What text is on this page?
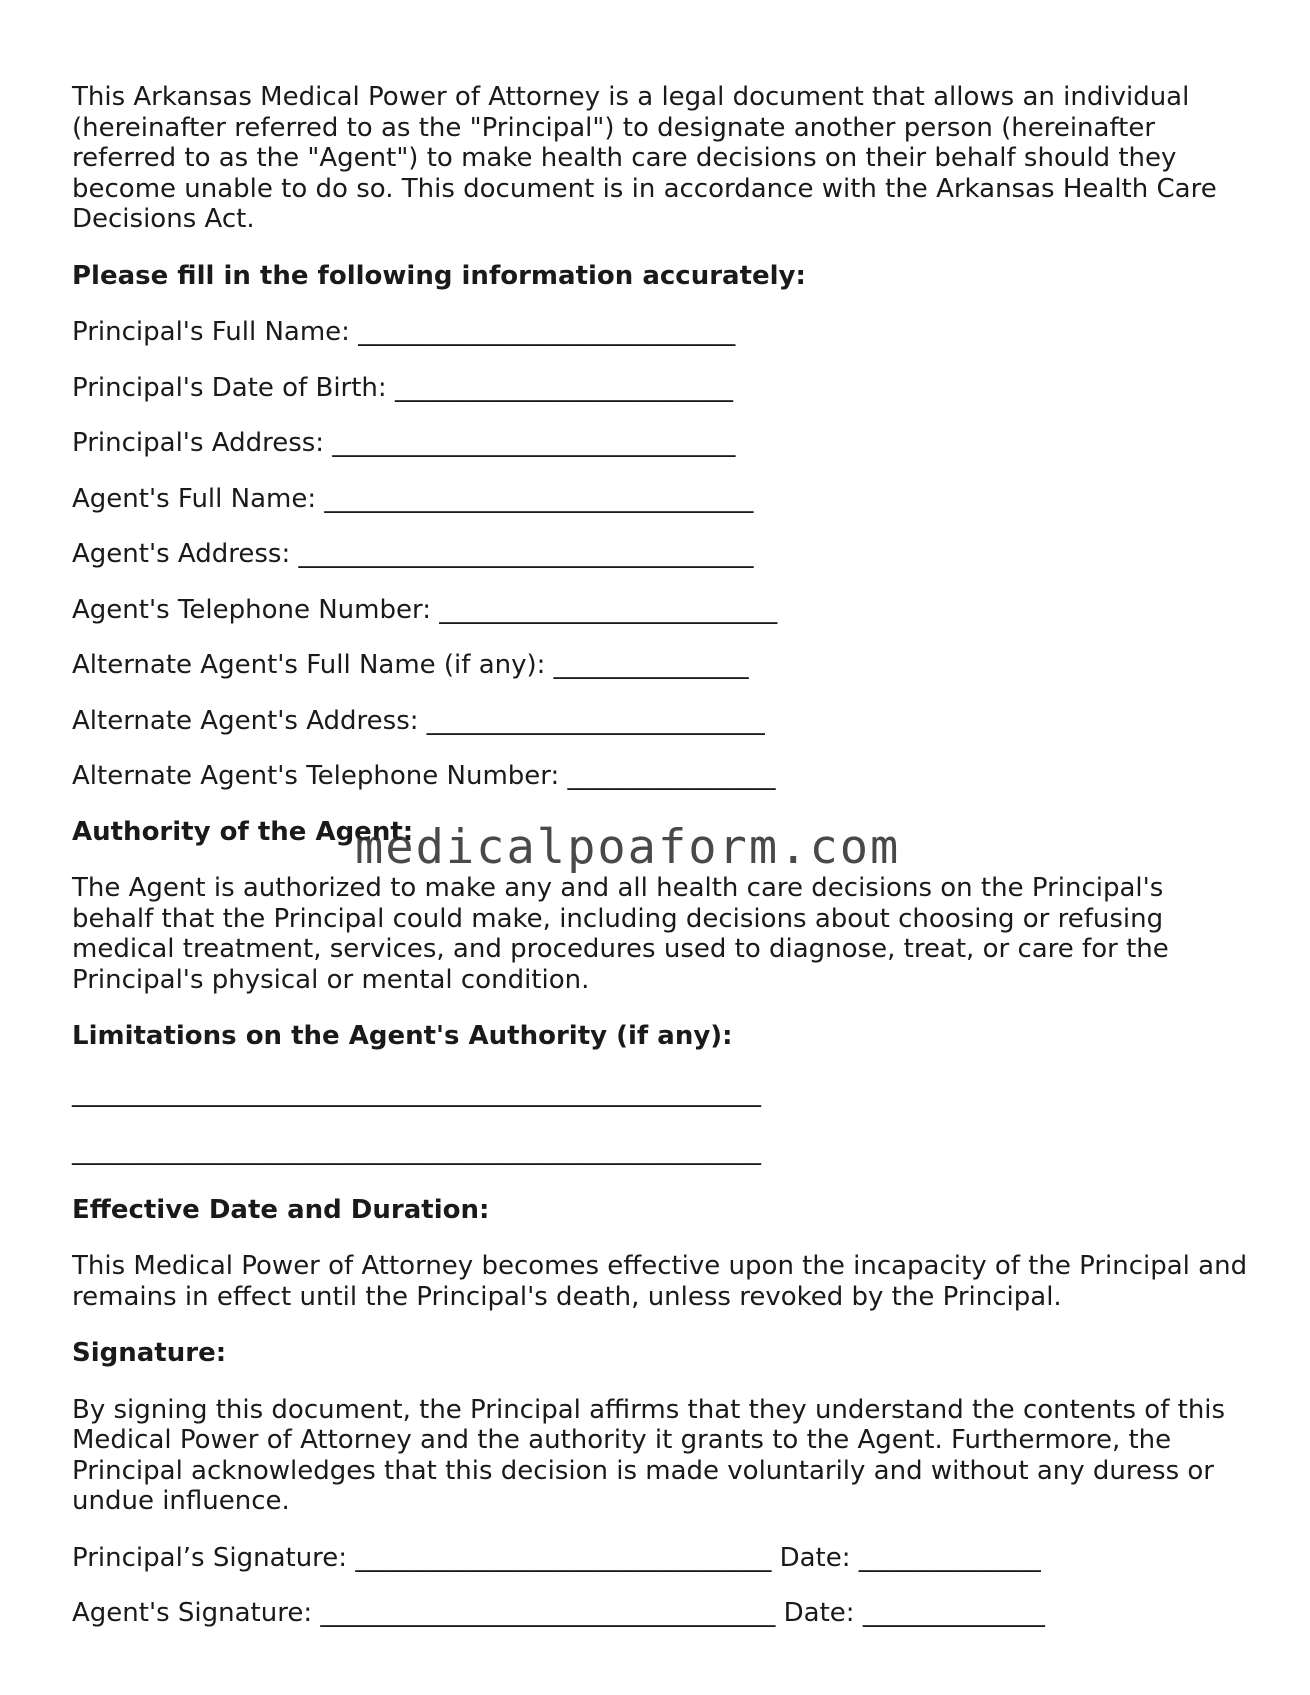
This Arkansas Medical Power of Attorney is a legal document that allows an individual (hereinafter referred to as the "Principal") to designate another person (hereinafter referred to as the "Agent") to make health care decisions on their behalf should they become unable to do so. This document is in accordance with the Arkansas Health Care Decisions Act.

Please fill in the following information accurately:

Principal's Full Name: _____________________________
Principal's Date of Birth: __________________________
Principal's Address: _______________________________
Agent's Full Name: _________________________________
Agent's Address: ___________________________________
Agent's Telephone Number: __________________________
Alternate Agent's Full Name (if any): _______________
Alternate Agent's Address: __________________________
Alternate Agent's Telephone Number: ________________

Authority of the Agent:

The Agent is authorized to make any and all health care decisions on the Principal's behalf that the Principal could make, including decisions about choosing or refusing medical treatment, services, and procedures used to diagnose, treat, or care for the Principal's physical or mental condition.

Limitations on the Agent's Authority (if any):

_____________________________________________________
_____________________________________________________

Effective Date and Duration:

This Medical Power of Attorney becomes effective upon the incapacity of the Principal and remains in effect until the Principal's death, unless revoked by the Principal.

Signature:

By signing this document, the Principal affirms that they understand the contents of this Medical Power of Attorney and the authority it grants to the Agent. Furthermore, the Principal acknowledges that this decision is made voluntarily and without any duress or undue influence.

Principal’s Signature: ________________________________ Date: ______________
Agent's Signature: ___________________________________ Date: ______________
medicalpoaform.com
